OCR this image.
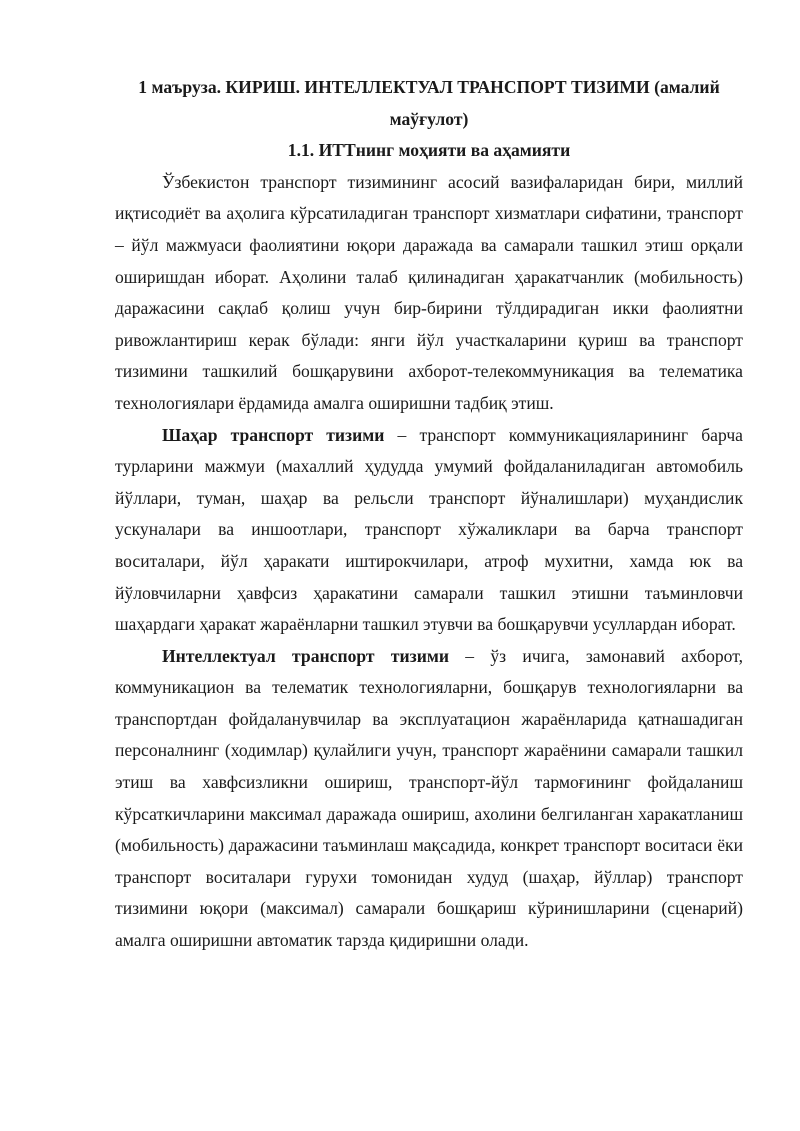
1 маъруза. КИРИШ. ИНТЕЛЛЕКТУАЛ ТРАНСПОРТ ТИЗИМИ (амалий маўғулот)

1.1. ИТТнинг моҳияти ва аҳамияти

Ўзбекистон транспорт тизимининг асосий вазифаларидан бири, миллий иқтисодиёт ва аҳолига кўрсатиладиган транспорт хизматлари сифатини, транспорт – йўл мажмуаси фаолиятини юқори даражада ва самарали ташкил этиш орқали оширишдан иборат. Аҳолини талаб қилинадиган ҳаракатчанлик (мобильность) даражасини сақлаб қолиш учун бир-бирини тўлдирадиган икки фаолиятни ривожлантириш керак бўлади: янги йўл участкаларини қуриш ва транспорт тизимини ташкилий бошқарувини ахборот-телекоммуникация ва телематика технологиялари ёрдамида амалга оширишни тадбиқ этиш.

Шаҳар транспорт тизими – транспорт коммуникацияларининг барча турларини мажмуи (махаллий ҳудудда умумий фойдаланиладиган автомобиль йўллари, туман, шаҳар ва рельсли транспорт йўналишлари) муҳандислик ускуналари ва иншоотлари, транспорт хўжаликлари ва барча транспорт воситалари, йўл ҳаракати иштирокчилари, атроф мухитни, хамда юк ва йўловчиларни ҳавфсиз ҳаракатини самарали ташкил этишни таъминловчи шаҳардаги ҳаракат жараёнларни ташкил этувчи ва бошқарувчи усуллардан иборат.

Интеллектуал транспорт тизими – ўз ичига, замонавий ахборот, коммуникацион ва телематик технологияларни, бошқарув технологияларни ва транспортдан фойдаланувчилар ва эксплуатацион жараёнларида қатнашадиган персоналнинг (ходимлар) қулайлиги учун, транспорт жараёнини самарали ташкил этиш ва хавфсизликни ошириш, транспорт-йўл тармоғининг фойдаланиш кўрсаткичларини максимал даражада ошириш, ахолини белгиланган харакатланиш (мобильность) даражасини таъминлаш мақсадида, конкрет транспорт воситаси ёки транспорт воситалари гурухи томонидан худуд (шаҳар, йўллар) транспорт тизимини юқори (максимал) самарали бошқариш кўринишларини (сценарий) амалга оширишни автоматик тарзда қидиришни олади.
